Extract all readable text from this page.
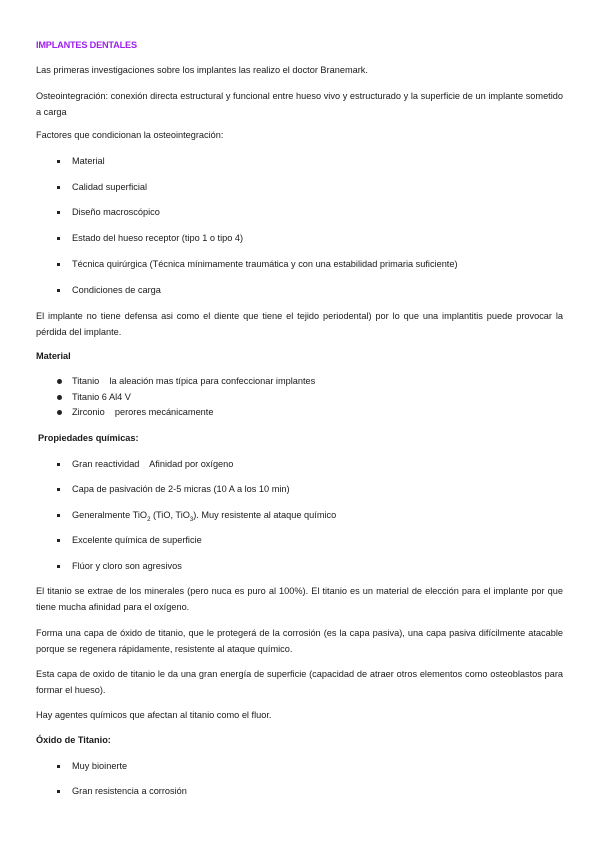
IMPLANTES DENTALES
Las primeras investigaciones sobre los implantes las realizo el doctor Branemark.
Osteointegración: conexión directa estructural y funcional entre hueso vivo y estructurado y la superficie de un implante sometido a carga
Factores que condicionan la osteointegración:
Material
Calidad superficial
Diseño macroscópico
Estado del hueso receptor (tipo 1 o tipo 4)
Técnica quirúrgica (Técnica mínimamente traumática y con una estabilidad primaria suficiente)
Condiciones de carga
El implante no tiene defensa asi como el diente que tiene el tejido periodental) por lo que una implantitis puede provocar la pérdida del implante.
Material
Titanio    la aleación mas típica para confeccionar implantes
Titanio 6 Al4 V
Zirconio    perores mecánicamente
Propiedades químicas:
Gran reactividad    Afinidad por oxígeno
Capa de pasivación de 2-5 micras (10 A a los 10 min)
Generalmente TiO$_2$ (TiO, TiO$_3$). Muy resistente al ataque químico
Excelente química de superficie
Flúor y cloro son agresivos
El titanio se extrae de los minerales (pero nuca es puro al 100%). El titanio es un material de elección para el implante por que tiene mucha afinidad para el oxígeno.
Forma una capa de óxido de titanio, que le protegerá de la corrosión (es la capa pasiva), una capa pasiva difícilmente atacable porque se regenera rápidamente, resistente al ataque químico.
Esta capa de oxido de titanio le da una gran energía de superficie (capacidad de atraer otros elementos como osteoblastos para formar el hueso).
Hay agentes químicos que afectan al titanio como el fluor.
Óxido de Titanio:
Muy bioinerte
Gran resistencia a corrosión
